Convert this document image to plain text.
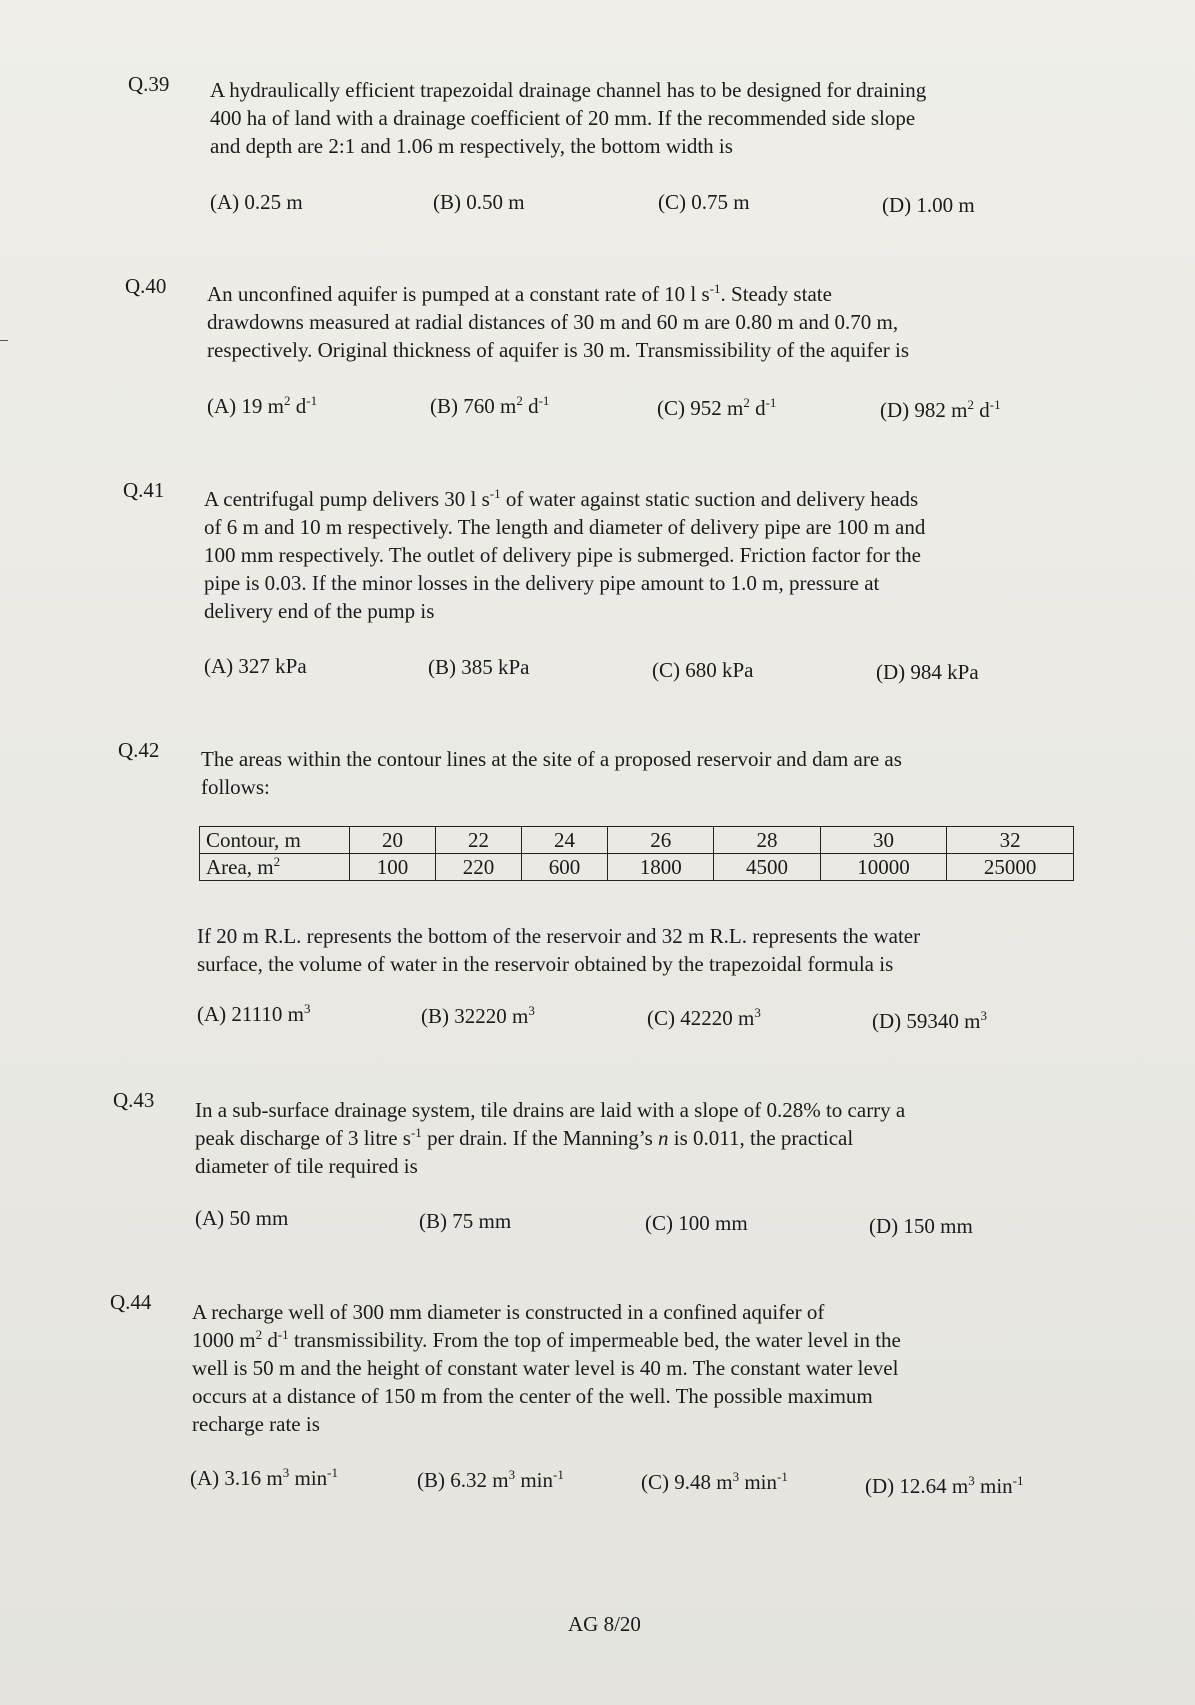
Q.39 A hydraulically efficient trapezoidal drainage channel has to be designed for draining
400 ha of land with a drainage coefficient of 20 mm. If the recommended side slope
and depth are 2:1 and 1.06 m respectively, the bottom width is
(A) 0.25 m	(B) 0.50 m	(C) 0.75 m	(D) 1.00 m
Q.40 An unconfined aquifer is pumped at a constant rate of 10 l $s^{-1}$. Steady state
drawdowns measured at radial distances of 30 m and 60 m are 0.80 m and 0.70 m,
respectively. Original thickness of aquifer is 30 m. Transmissibility of the aquifer is
(A) 19 $m^2$ $d^{-1}$	(B) 760 $m^2$ $d^{-1}$	(C) 952 $m^2$ $d^{-1}$	(D) 982 $m^2$ $d^{-1}$
Q.41 A centrifugal pump delivers 30 l $s^{-1}$ of water against static suction and delivery heads
of 6 m and 10 m respectively. The length and diameter of delivery pipe are 100 m and
100 mm respectively. The outlet of delivery pipe is submerged. Friction factor for the
pipe is 0.03. If the minor losses in the delivery pipe amount to 1.0 m, pressure at
delivery end of the pump is
(A) 327 kPa	(B) 385 kPa	(C) 680 kPa	(D) 984 kPa
Q.42 The areas within the contour lines at the site of a proposed reservoir and dam are as
follows:
Contour, m	20	22	24	26	28	30	32
Area, $m^2$	100	220	600	1800	4500	10000	25000
If 20 m R.L. represents the bottom of the reservoir and 32 m R.L. represents the water
surface, the volume of water in the reservoir obtained by the trapezoidal formula is
(A) 21110 $m^3$	(B) 32220 $m^3$	(C) 42220 $m^3$	(D) 59340 $m^3$
Q.43 In a sub-surface drainage system, tile drains are laid with a slope of 0.28% to carry a
peak discharge of 3 litre $s^{-1}$ per drain. If the Manning’s n is 0.011, the practical
diameter of tile required is
(A) 50 mm	(B) 75 mm	(C) 100 mm	(D) 150 mm
Q.44 A recharge well of 300 mm diameter is constructed in a confined aquifer of
1000 $m^2$ $d^{-1}$ transmissibility. From the top of impermeable bed, the water level in the
well is 50 m and the height of constant water level is 40 m. The constant water level
occurs at a distance of 150 m from the center of the well. The possible maximum
recharge rate is
(A) 3.16 $m^3$ $\min^{-1}$	(B) 6.32 $m^3$ $\min^{-1}$	(C) 9.48 $m^3$ $\min^{-1}$	(D) 12.64 $m^3$ $\min^{-1}$
AG 8/20
